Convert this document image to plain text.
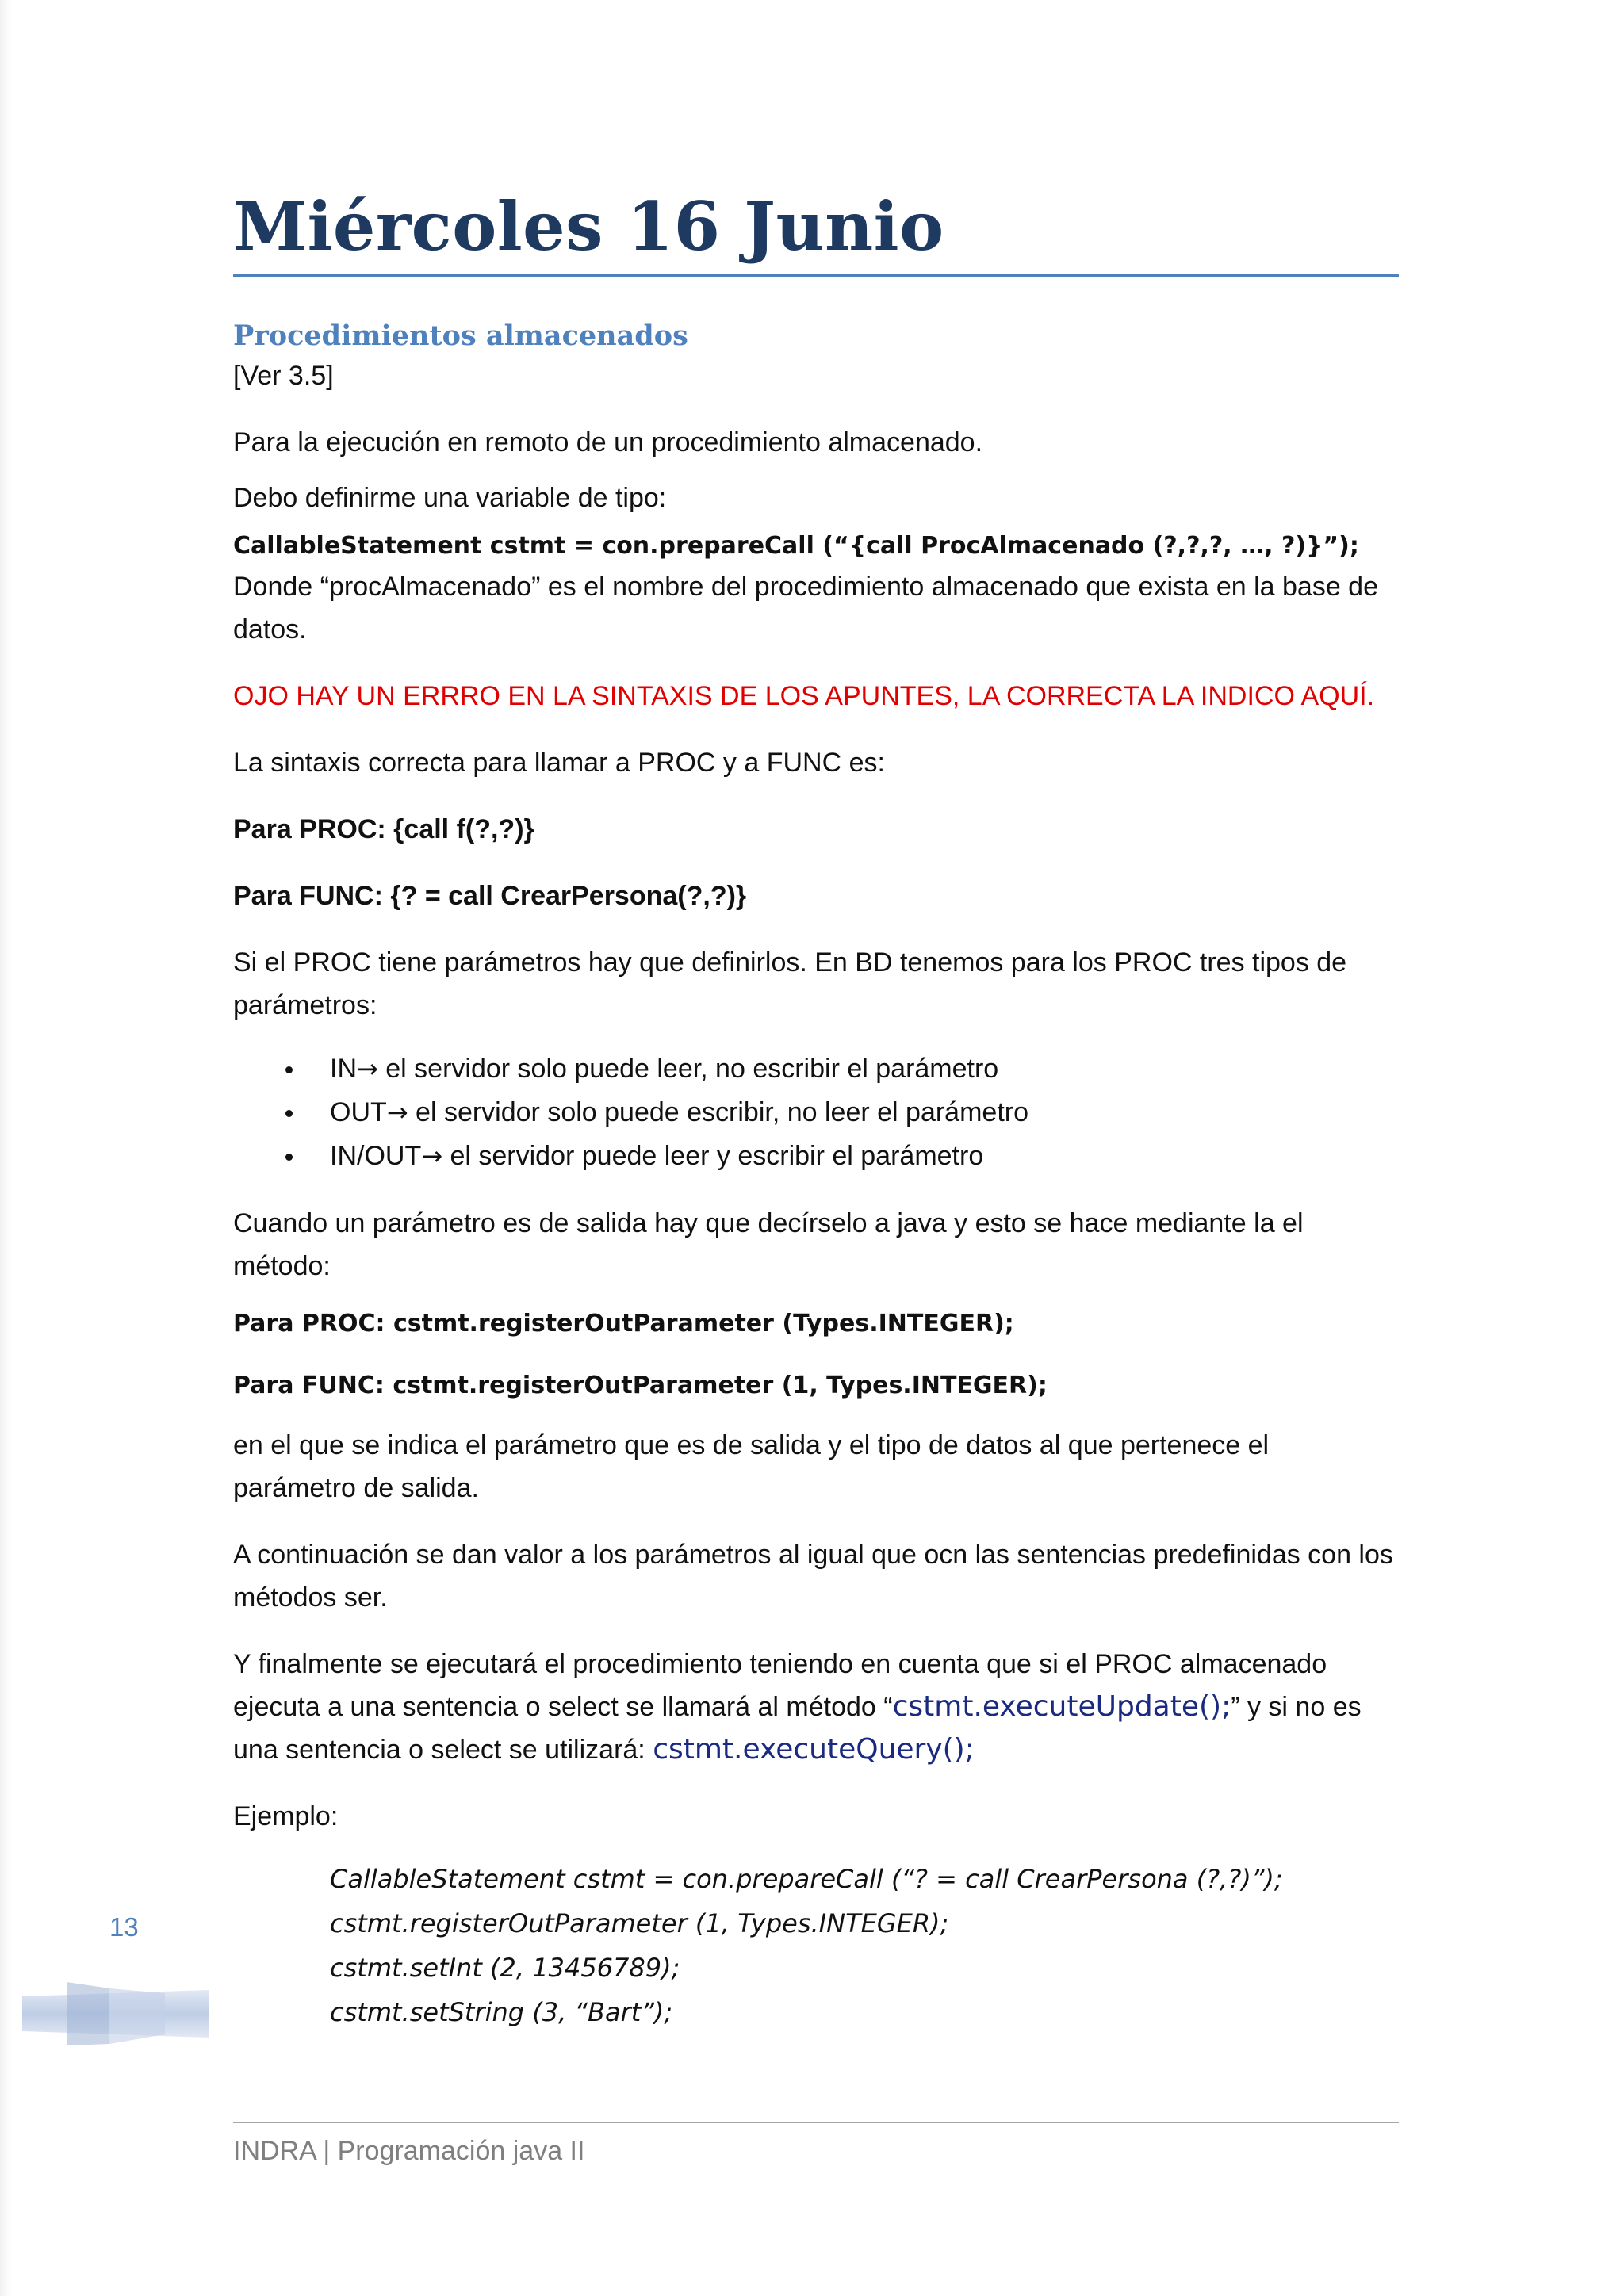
Miércoles 16 Junio
Procedimientos almacenados

[Ver 3.5]

Para la ejecución en remoto de un procedimiento almacenado.

Debo definirme una variable de tipo:

CallableStatement cstmt = con.prepareCall (“{call ProcAlmacenado (?,?,?, …, ?)}”);

Donde “procAlmacenado” es el nombre del procedimiento almacenado que exista en la base de datos.

OJO HAY UN ERRRO EN LA SINTAXIS DE LOS APUNTES, LA CORRECTA LA INDICO AQUÍ.

La sintaxis correcta para llamar a PROC y a FUNC es:

Para PROC: {call f(?,?)}

Para FUNC: {? = call CrearPersona(?,?)}

Si el PROC tiene parámetros hay que definirlos. En BD tenemos para los PROC tres tipos de parámetros:

IN→ el servidor solo puede leer, no escribir el parámetro
OUT→ el servidor solo puede escribir, no leer el parámetro
IN/OUT→ el servidor puede leer y escribir el parámetro

Cuando un parámetro es de salida hay que decírselo a java y esto se hace mediante la el método:

Para PROC: cstmt.registerOutParameter (Types.INTEGER);

Para FUNC: cstmt.registerOutParameter (1, Types.INTEGER);

en el que se indica el parámetro que es de salida y el tipo de datos al que pertenece el parámetro de salida.

A continuación se dan valor a los parámetros al igual que ocn las sentencias predefinidas con los métodos ser.

Y finalmente se ejecutará el procedimiento teniendo en cuenta que si el PROC almacenado ejecuta a una sentencia o select se llamará al método “cstmt.executeUpdate();” y si no es una sentencia o select se utilizará: cstmt.executeQuery();

Ejemplo:

CallableStatement cstmt = con.prepareCall (“? = call CrearPersona (?,?)”);

cstmt.registerOutParameter (1, Types.INTEGER);

cstmt.setInt (2, 13456789);

cstmt.setString (3, “Bart”);

13
INDRA | Programación java II
